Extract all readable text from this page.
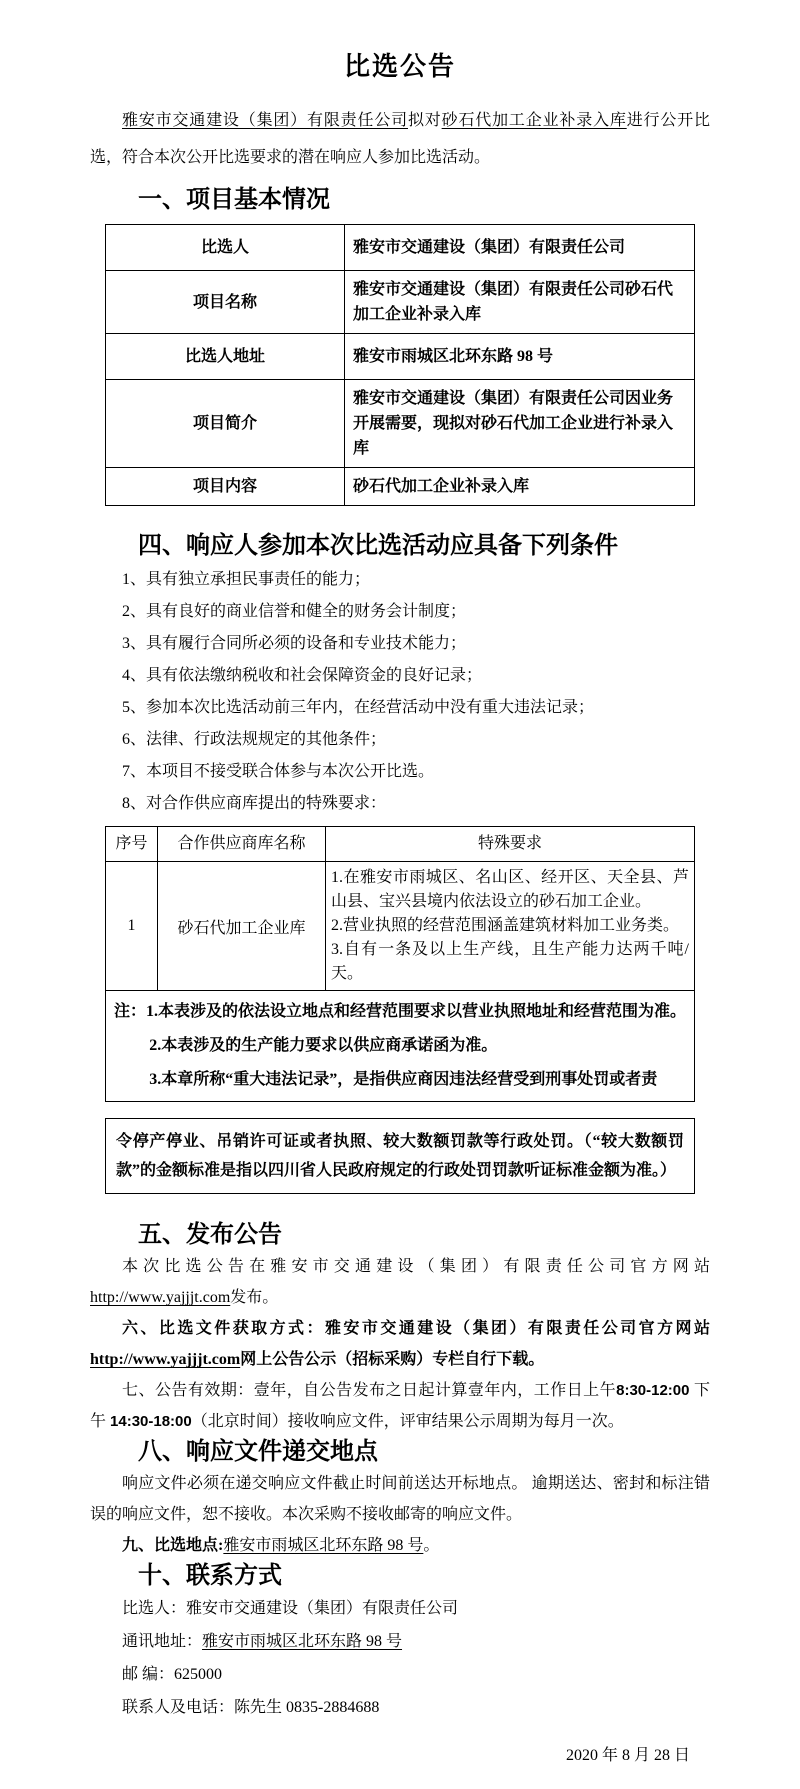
比选公告

雅安市交通建设（集团）有限责任公司拟对砂石代加工企业补录入库进行公开比选，符合本次公开比选要求的潜在响应人参加比选活动。

一、项目基本情况
比选人	雅安市交通建设（集团）有限责任公司
项目名称	雅安市交通建设（集团）有限责任公司砂石代加工企业补录入库
比选人地址	雅安市雨城区北环东路 98 号
项目简介	雅安市交通建设（集团）有限责任公司因业务开展需要，现拟对砂石代加工企业进行补录入库
项目内容	砂石代加工企业补录入库
四、响应人参加本次比选活动应具备下列条件

1、具有独立承担民事责任的能力；

2、具有良好的商业信誉和健全的财务会计制度；

3、具有履行合同所必须的设备和专业技术能力；

4、具有依法缴纳税收和社会保障资金的良好记录；

5、参加本次比选活动前三年内，在经营活动中没有重大违法记录；

6、法律、行政法规规定的其他条件；

7、本项目不接受联合体参与本次公开比选。

8、对合作供应商库提出的特殊要求：

序号	合作供应商库名称	特殊要求
1	砂石代加工企业库	1.在雅安市雨城区、名山区、经开区、天全县、芦山县、宝兴县境内依法设立的砂石加工企业。
2.营业执照的经营范围涵盖建筑材料加工业务类。
3.自有一条及以上生产线，且生产能力达两千吨/天。

注：1.本表涉及的依法设立地点和经营范围要求以营业执照地址和经营范围为准。
2.本表涉及的生产能力要求以供应商承诺函为准。
3.本章所称“重大违法记录”，是指供应商因违法经营受到刑事处罚或者责		
令停产停业、吊销许可证或者执照、较大数额罚款等行政处罚。（“较大数额罚款”的金额标准是指以四川省人民政府规定的行政处罚罚款听证标准金额为准。）
五、发布公告

本次比选公告在雅安市交通建设（集团）有限责任公司官方网站http://www.yajjjt.com发布。

六、比选文件获取方式：雅安市交通建设（集团）有限责任公司官方网站http://www.yajjjt.com网上公告公示（招标采购）专栏自行下载。

七、公告有效期：壹年，自公告发布之日起计算壹年内，工作日上午8:30-12:00 下午 14:30-18:00（北京时间）接收响应文件，评审结果公示周期为每月一次。

八、响应文件递交地点

响应文件必须在递交响应文件截止时间前送达开标地点。 逾期送达、密封和标注错误的响应文件，恕不接收。本次采购不接收邮寄的响应文件。

九、比选地点:雅安市雨城区北环东路 98 号。

十、联系方式

比选人：雅安市交通建设（集团）有限责任公司

通讯地址：雅安市雨城区北环东路 98 号

邮 编：625000

联系人及电话：陈先生 0835-2884688

2020 年 8 月 28 日
